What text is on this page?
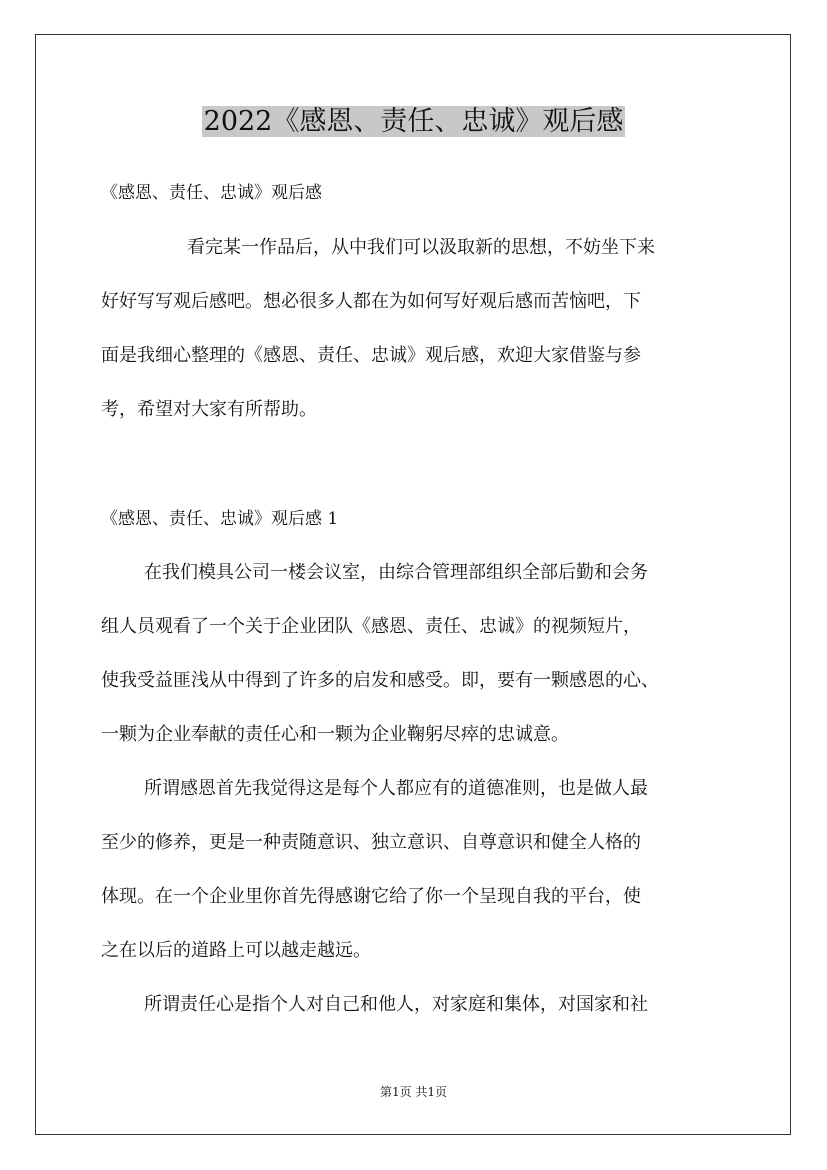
2022《感恩、责任、忠诚》观后感
《感恩、责任、忠诚》观后感
看完某一作品后，从中我们可以汲取新的思想，不妨坐下来
好好写写观后感吧。想必很多人都在为如何写好观后感而苦恼吧，下
面是我细心整理的《感恩、责任、忠诚》观后感，欢迎大家借鉴与参
考，希望对大家有所帮助。
《感恩、责任、忠诚》观后感 1
在我们模具公司一楼会议室，由综合管理部组织全部后勤和会务
组人员观看了一个关于企业团队《感恩、责任、忠诚》的视频短片，
使我受益匪浅从中得到了许多的启发和感受。即，要有一颗感恩的心、
一颗为企业奉献的责任心和一颗为企业鞠躬尽瘁的忠诚意。
所谓感恩首先我觉得这是每个人都应有的道德准则，也是做人最
至少的修养，更是一种责随意识、独立意识、自尊意识和健全人格的
体现。在一个企业里你首先得感谢它给了你一个呈现自我的平台，使
之在以后的道路上可以越走越远。
所谓责任心是指个人对自己和他人，对家庭和集体，对国家和社
第1页 共1页
